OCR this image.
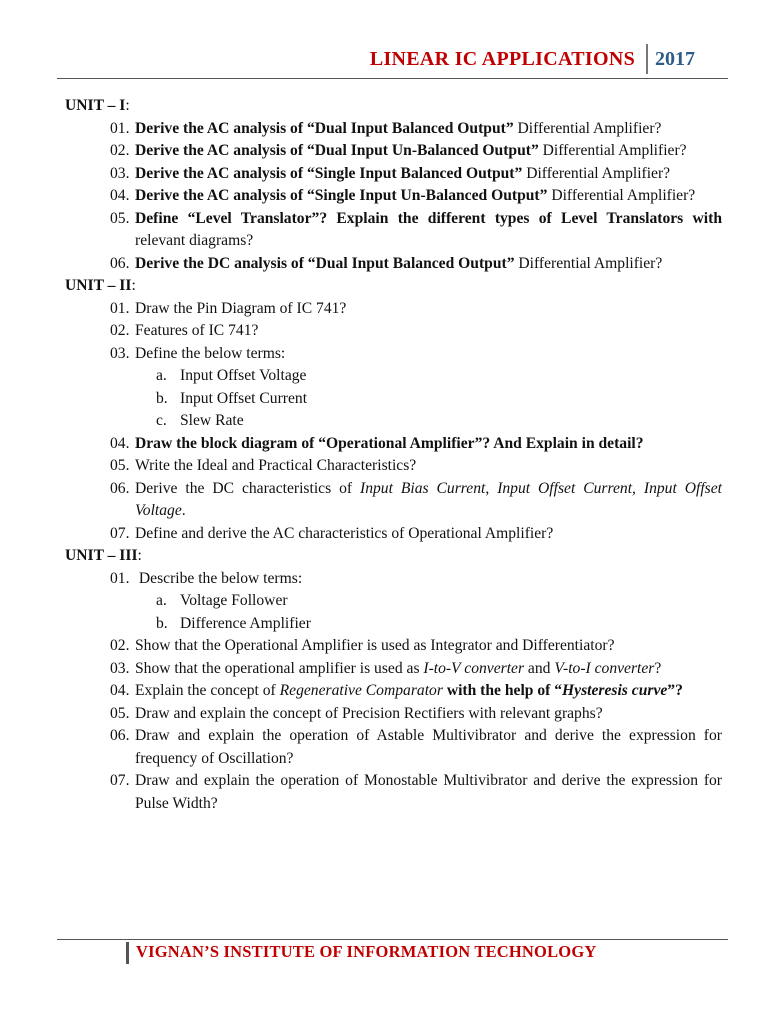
LINEAR IC APPLICATIONS 2017
UNIT – I:
01. Derive the AC analysis of “Dual Input Balanced Output” Differential Amplifier?
02. Derive the AC analysis of “Dual Input Un-Balanced Output” Differential Amplifier?
03. Derive the AC analysis of “Single Input Balanced Output” Differential Amplifier?
04. Derive the AC analysis of “Single Input Un-Balanced Output” Differential Amplifier?
05. Define “Level Translator”? Explain the different types of Level Translators with relevant diagrams?
06. Derive the DC analysis of “Dual Input Balanced Output” Differential Amplifier?
UNIT – II:
01. Draw the Pin Diagram of IC 741?
02. Features of IC 741?
03. Define the below terms:
a. Input Offset Voltage
b. Input Offset Current
c. Slew Rate
04. Draw the block diagram of “Operational Amplifier”? And Explain in detail?
05. Write the Ideal and Practical Characteristics?
06. Derive the DC characteristics of Input Bias Current, Input Offset Current, Input Offset Voltage.
07. Define and derive the AC characteristics of Operational Amplifier?
UNIT – III:
01. Describe the below terms:
a. Voltage Follower
b. Difference Amplifier
02. Show that the Operational Amplifier is used as Integrator and Differentiator?
03. Show that the operational amplifier is used as I-to-V converter and V-to-I converter?
04. Explain the concept of Regenerative Comparator with the help of “Hysteresis curve”?
05. Draw and explain the concept of Precision Rectifiers with relevant graphs?
06. Draw and explain the operation of Astable Multivibrator and derive the expression for frequency of Oscillation?
07. Draw and explain the operation of Monostable Multivibrator and derive the expression for Pulse Width?
VIGNAN’S INSTITUTE OF INFORMATION TECHNOLOGY
